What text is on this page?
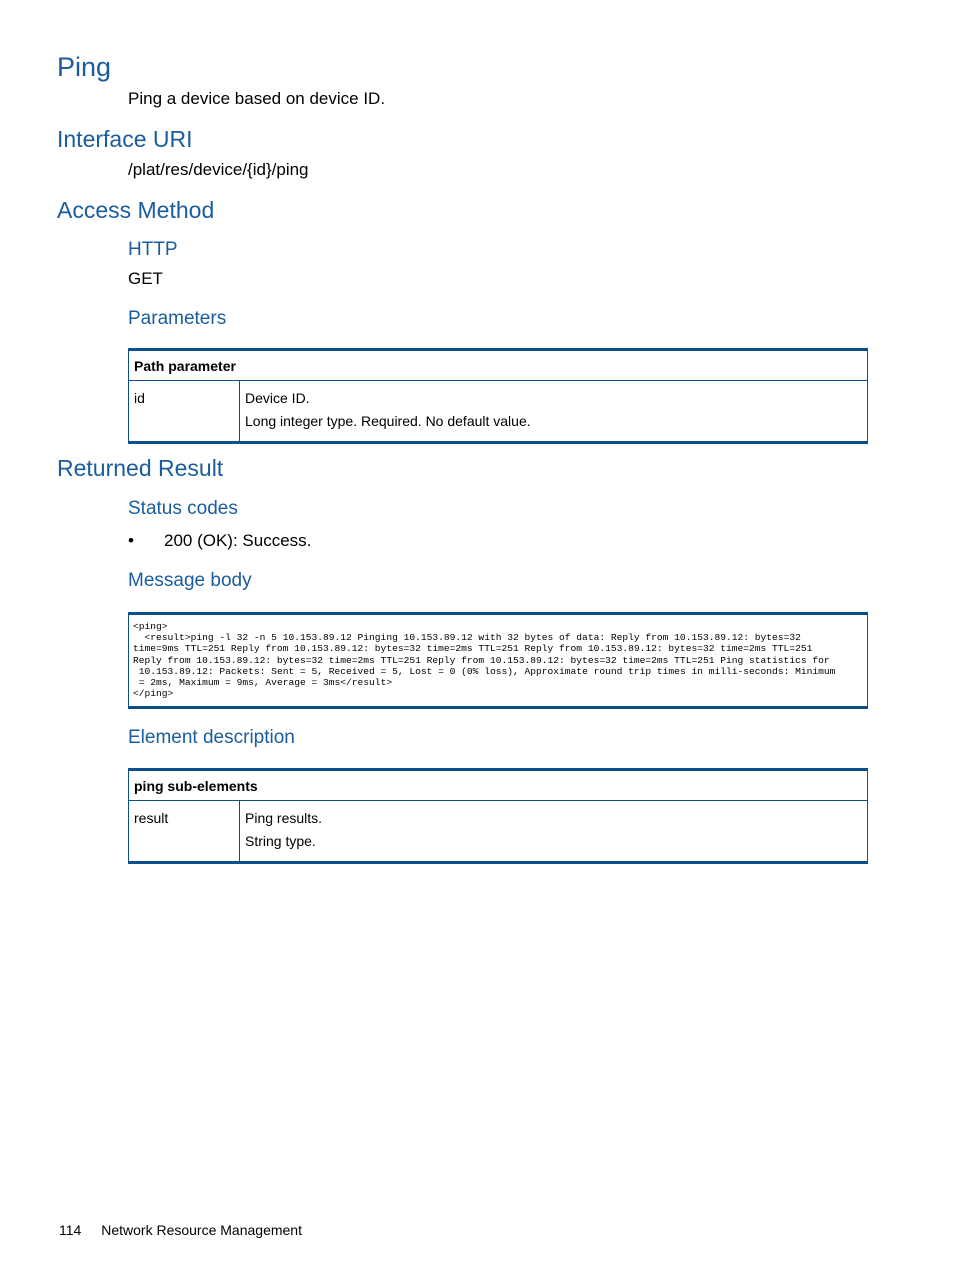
Ping

Ping a device based on device ID.

Interface URI

/plat/res/device/{id}/ping

Access Method
HTTP

GET

Parameters
Path parameter
id	Device ID.
Long integer type. Required. No default value.
Returned Result
Status codes
• 200 (OK): Success.
Message body
<ping>
<result>ping -l 32 -n 5 10.153.89.12 Pinging 10.153.89.12 with 32 bytes of data: Reply from 10.153.89.12: bytes=32
time=9ms TTL=251 Reply from 10.153.89.12: bytes=32 time=2ms TTL=251 Reply from 10.153.89.12: bytes=32 time=2ms TTL=251
Reply from 10.153.89.12: bytes=32 time=2ms TTL=251 Reply from 10.153.89.12: bytes=32 time=2ms TTL=251 Ping statistics for
10.153.89.12: Packets: Sent = 5, Received = 5, Lost = 0 (0% loss), Approximate round trip times in milli-seconds: Minimum
= 2ms, Maximum = 9ms, Average = 3ms</result>
</ping>
Element description
ping sub-elements
result	Ping results.
String type.
114 Network Resource Management
